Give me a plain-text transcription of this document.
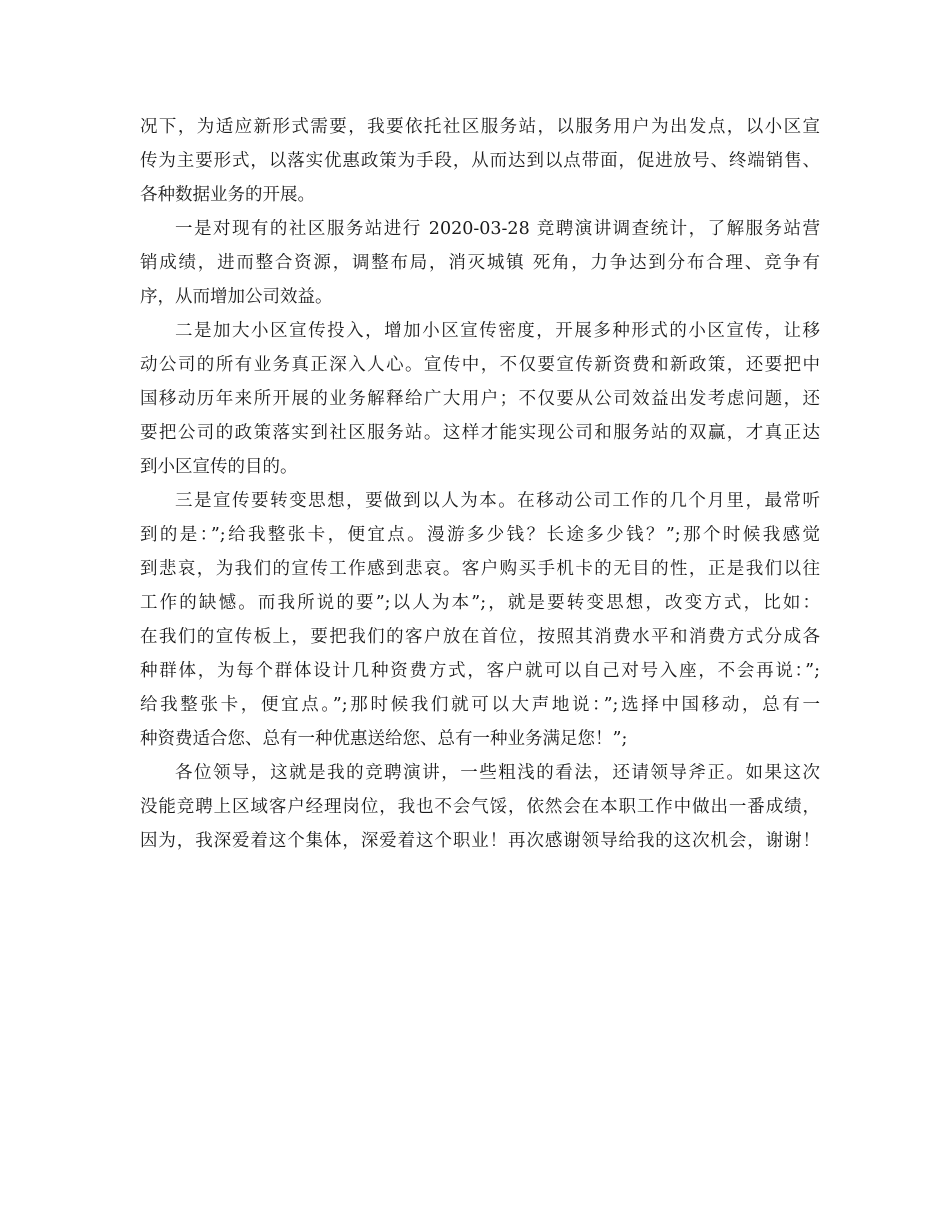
况下，为适应新形式需要，我要依托社区服务站，以服务用户为出发点，以小区宣
传为主要形式，以落实优惠政策为手段，从而达到以点带面，促进放号、终端销售、
各种数据业务的开展。
一是对现有的社区服务站进行 2020-03-28 竞聘演讲调查统计，了解服务站营
销成绩，进而整合资源，调整布局，消灭城镇 死角，力争达到分布合理、竞争有
序，从而增加公司效益。
二是加大小区宣传投入，增加小区宣传密度，开展多种形式的小区宣传，让移
动公司的所有业务真正深入人心。宣传中，不仅要宣传新资费和新政策，还要把中
国移动历年来所开展的业务解释给广大用户；不仅要从公司效益出发考虑问题，还
要把公司的政策落实到社区服务站。这样才能实现公司和服务站的双赢，才真正达
到小区宣传的目的。
三是宣传要转变思想，要做到以人为本。在移动公司工作的几个月里，最常听
到的是：”;给我整张卡，便宜点。漫游多少钱？长途多少钱？”;那个时候我感觉
到悲哀，为我们的宣传工作感到悲哀。客户购买手机卡的无目的性，正是我们以往
工作的缺憾。而我所说的要”;以人为本”;，就是要转变思想，改变方式，比如：
在我们的宣传板上，要把我们的客户放在首位，按照其消费水平和消费方式分成各
种群体，为每个群体设计几种资费方式，客户就可以自己对号入座，不会再说：”;
给我整张卡，便宜点。”;那时候我们就可以大声地说：”;选择中国移动，总有一
种资费适合您、总有一种优惠送给您、总有一种业务满足您！”;
各位领导，这就是我的竞聘演讲，一些粗浅的看法，还请领导斧正。如果这次
没能竞聘上区域客户经理岗位，我也不会气馁，依然会在本职工作中做出一番成绩，
因为，我深爱着这个集体，深爱着这个职业！再次感谢领导给我的这次机会，谢谢！
